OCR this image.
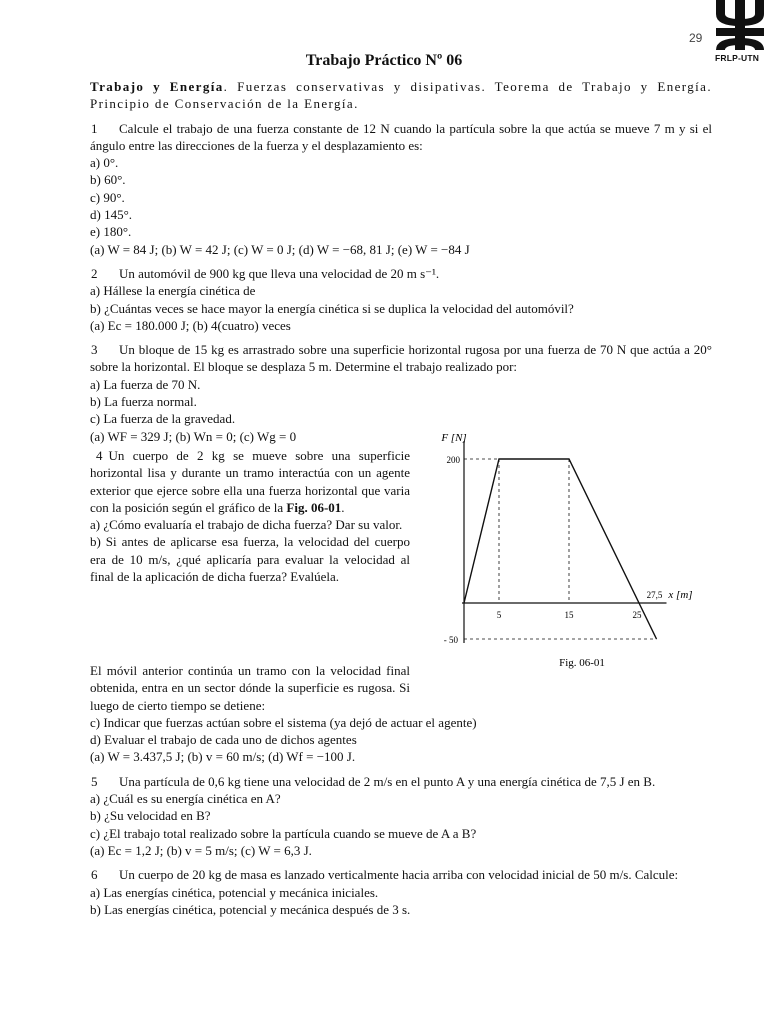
29
FRLP-UTN
Trabajo Práctico Nº 06

Trabajo y Energía. Fuerzas conservativas y disipativas. Teorema de Trabajo y Energía. Principio de Conservación de la Energía.

1 Calcule el trabajo de una fuerza constante de 12 N cuando la partícula sobre la que actúa se mueve 7 m y si el ángulo entre las direcciones de la fuerza y el desplazamiento es:

a) 0°.

b) 60°.

c) 90°.

d) 145°.

e) 180°.

(a) W = 84 J; (b) W = 42 J; (c) W = 0 J; (d) W = −68, 81 J; (e) W = −84 J

2 Un automóvil de 900 kg que lleva una velocidad de 20 m s⁻¹.

a) Hállese la energía cinética de

b) ¿Cuántas veces se hace mayor la energía cinética si se duplica la velocidad del automóvil?

(a) Ec = 180.000 J; (b) 4(cuatro) veces

3 Un bloque de 15 kg es arrastrado sobre una superficie horizontal rugosa por una fuerza de 70 N que actúa a 20° sobre la horizontal. El bloque se desplaza 5 m. Determine el trabajo realizado por:

a) La fuerza de 70 N.

b) La fuerza normal.

c) La fuerza de la gravedad.

(a) WF = 329 J; (b) Wn = 0; (c) Wg = 0

4 Un cuerpo de 2 kg se mueve sobre una superficie horizontal lisa y durante un tramo interactúa con un agente exterior que ejerce sobre ella una fuerza horizontal que varia con la posición según el gráfico de la Fig. 06-01.

a) ¿Cómo evaluaría el trabajo de dicha fuerza? Dar su valor.

b) Si antes de aplicarse esa fuerza, la velocidad del cuerpo era de 10 m/s, ¿qué aplicaría para evaluar la velocidad al final de la aplicación de dicha fuerza? Evalúela.

200
- 50
5	15	25
27,5
F [N]
x [m]
Fig. 06-01

El móvil anterior continúa un tramo con la velocidad final obtenida, entra en un sector dónde la superficie es rugosa. Si luego de cierto tiempo se detiene:

c) Indicar que fuerzas actúan sobre el sistema (ya dejó de actuar el agente)

d) Evaluar el trabajo de cada uno de dichos agentes

(a) W = 3.437,5 J; (b) v = 60 m/s; (d) Wf = −100 J.

5 Una partícula de 0,6 kg tiene una velocidad de 2 m/s en el punto A y una energía cinética de 7,5 J en B.

a) ¿Cuál es su energía cinética en A?

b) ¿Su velocidad en B?

c) ¿El trabajo total realizado sobre la partícula cuando se mueve de A a B?

(a) Ec = 1,2 J; (b) v = 5 m/s; (c) W = 6,3 J.

6 Un cuerpo de 20 kg de masa es lanzado verticalmente hacia arriba con velocidad inicial de 50 m/s. Calcule:

a) Las energías cinética, potencial y mecánica iniciales.

b) Las energías cinética, potencial y mecánica después de 3 s.
